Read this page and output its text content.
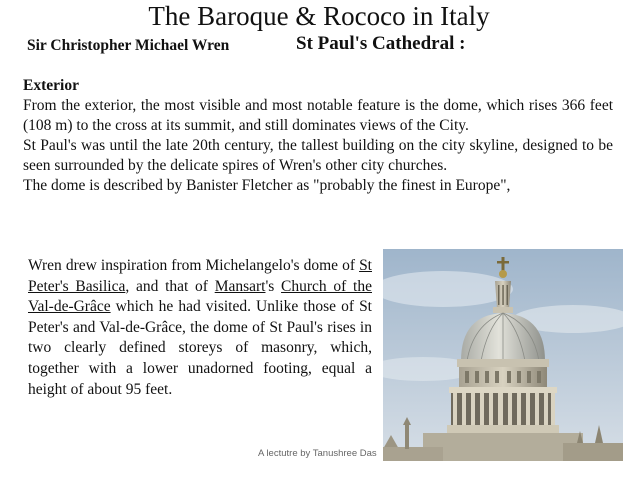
The Baroque & Rococo in Italy

Sir Christopher Michael Wren	St Paul's Cathedral :

Exterior

From the exterior, the most visible and most notable feature is the dome, which rises 366 feet (108 m) to the cross at its summit, and still dominates views of the City.

St Paul's was until the late 20th century, the tallest building on the city skyline, designed to be seen surrounded by the delicate spires of Wren's other city churches.

The dome is described by Banister Fletcher as "probably the finest in Europe",

Wren drew inspiration from Michelangelo's dome of St Peter's Basilica, and that of Mansart's Church of the Val-de-Grâce which he had visited. Unlike those of St Peter's and Val-de-Grâce, the dome of St Paul's rises in two clearly defined storeys of masonry, which, together with a lower unadorned footing, equal a height of about 95 feet.

A lectutre by Tanushree Das
